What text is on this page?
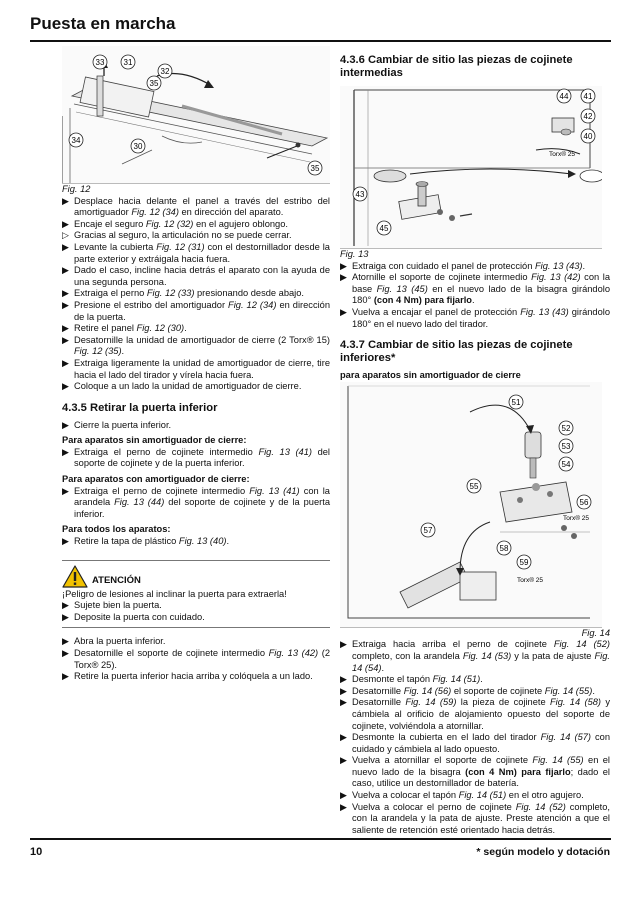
Puesta en marcha
33 31
32
35
34
30
35
Fig. 12
▶ Desplace hacia delante el panel a través del estribo del amortiguador Fig. 12 (34) en dirección del aparato.
▶ Encaje el seguro Fig. 12 (32) en el agujero oblongo.
▷ Gracias al seguro, la articulación no se puede cerrar.
▶ Levante la cubierta Fig. 12 (31) con el destornillador desde la parte exterior y extráigala hacia fuera.
▶ Dado el caso, incline hacia detrás el aparato con la ayuda de una segunda persona.
▶ Extraiga el perno Fig. 12 (33) presionando desde abajo.
▶ Presione el estribo del amortiguador Fig. 12 (34) en dirección de la puerta.
▶ Retire el panel Fig. 12 (30).
▶ Desatornille la unidad de amortiguador de cierre (2 Torx® 15) Fig. 12 (35).
▶ Extraiga ligeramente la unidad de amortiguador de cierre, tire hacia el lado del tirador y vírela hacia fuera.
▶ Coloque a un lado la unidad de amortiguador de cierre.
4.3.5 Retirar la puerta inferior
▶ Cierre la puerta inferior.
Para aparatos sin amortiguador de cierre:
▶ Extraiga el perno de cojinete intermedio Fig. 13 (41) del soporte de cojinete y de la puerta inferior.
Para aparatos con amortiguador de cierre:
▶ Extraiga el perno de cojinete intermedio Fig. 13 (41) con la arandela Fig. 13 (44) del soporte de cojinete y de la puerta inferior.
Para todos los aparatos:
▶ Retire la tapa de plástico Fig. 13 (40).
ATENCIÓN
¡Peligro de lesiones al inclinar la puerta para extraerla!
▶ Sujete bien la puerta.
▶ Deposite la puerta con cuidado.
▶ Abra la puerta inferior.
▶ Desatornille el soporte de cojinete intermedio Fig. 13 (42) (2 Torx® 25).
▶ Retire la puerta inferior hacia arriba y colóquela a un lado.
4.3.6 Cambiar de sitio las piezas de cojinete intermedias
44 41
42
40
43
45
Torx® 25
Fig. 13
▶ Extraiga con cuidado el panel de protección Fig. 13 (43).
▶ Atornille el soporte de cojinete intermedio Fig. 13 (42) con la base Fig. 13 (45) en el nuevo lado de la bisagra girándolo 180° (con 4 Nm) para fijarlo.
▶ Vuelva a encajar el panel de protección Fig. 13 (43) girándolo 180° en el nuevo lado del tirador.
4.3.7 Cambiar de sitio las piezas de cojinete inferiores*
para aparatos sin amortiguador de cierre
51
52
53
54
55
56
57
58
59
Torx® 25
Torx® 25
Fig. 14
▶ Extraiga hacia arriba el perno de cojinete Fig. 14 (52) completo, con la arandela Fig. 14 (53) y la pata de ajuste Fig. 14 (54).
▶ Desmonte el tapón Fig. 14 (51).
▶ Desatornille Fig. 14 (56) el soporte de cojinete Fig. 14 (55).
▶ Desatornille Fig. 14 (59) la pieza de cojinete Fig. 14 (58) y cámbiela al orificio de alojamiento opuesto del soporte de cojinete, volviéndola a atornillar.
▶ Desmonte la cubierta en el lado del tirador Fig. 14 (57) con cuidado y cámbiela al lado opuesto.
▶ Vuelva a atornillar el soporte de cojinete Fig. 14 (55) en el nuevo lado de la bisagra (con 4 Nm) para fijarlo; dado el caso, utilice un destornillador de batería.
▶ Vuelva a colocar el tapón Fig. 14 (51) en el otro agujero.
▶ Vuelva a colocar el perno de cojinete Fig. 14 (52) completo, con la arandela y la pata de ajuste. Preste atención a que el saliente de retención esté orientado hacia detrás.
10	* según modelo y dotación
